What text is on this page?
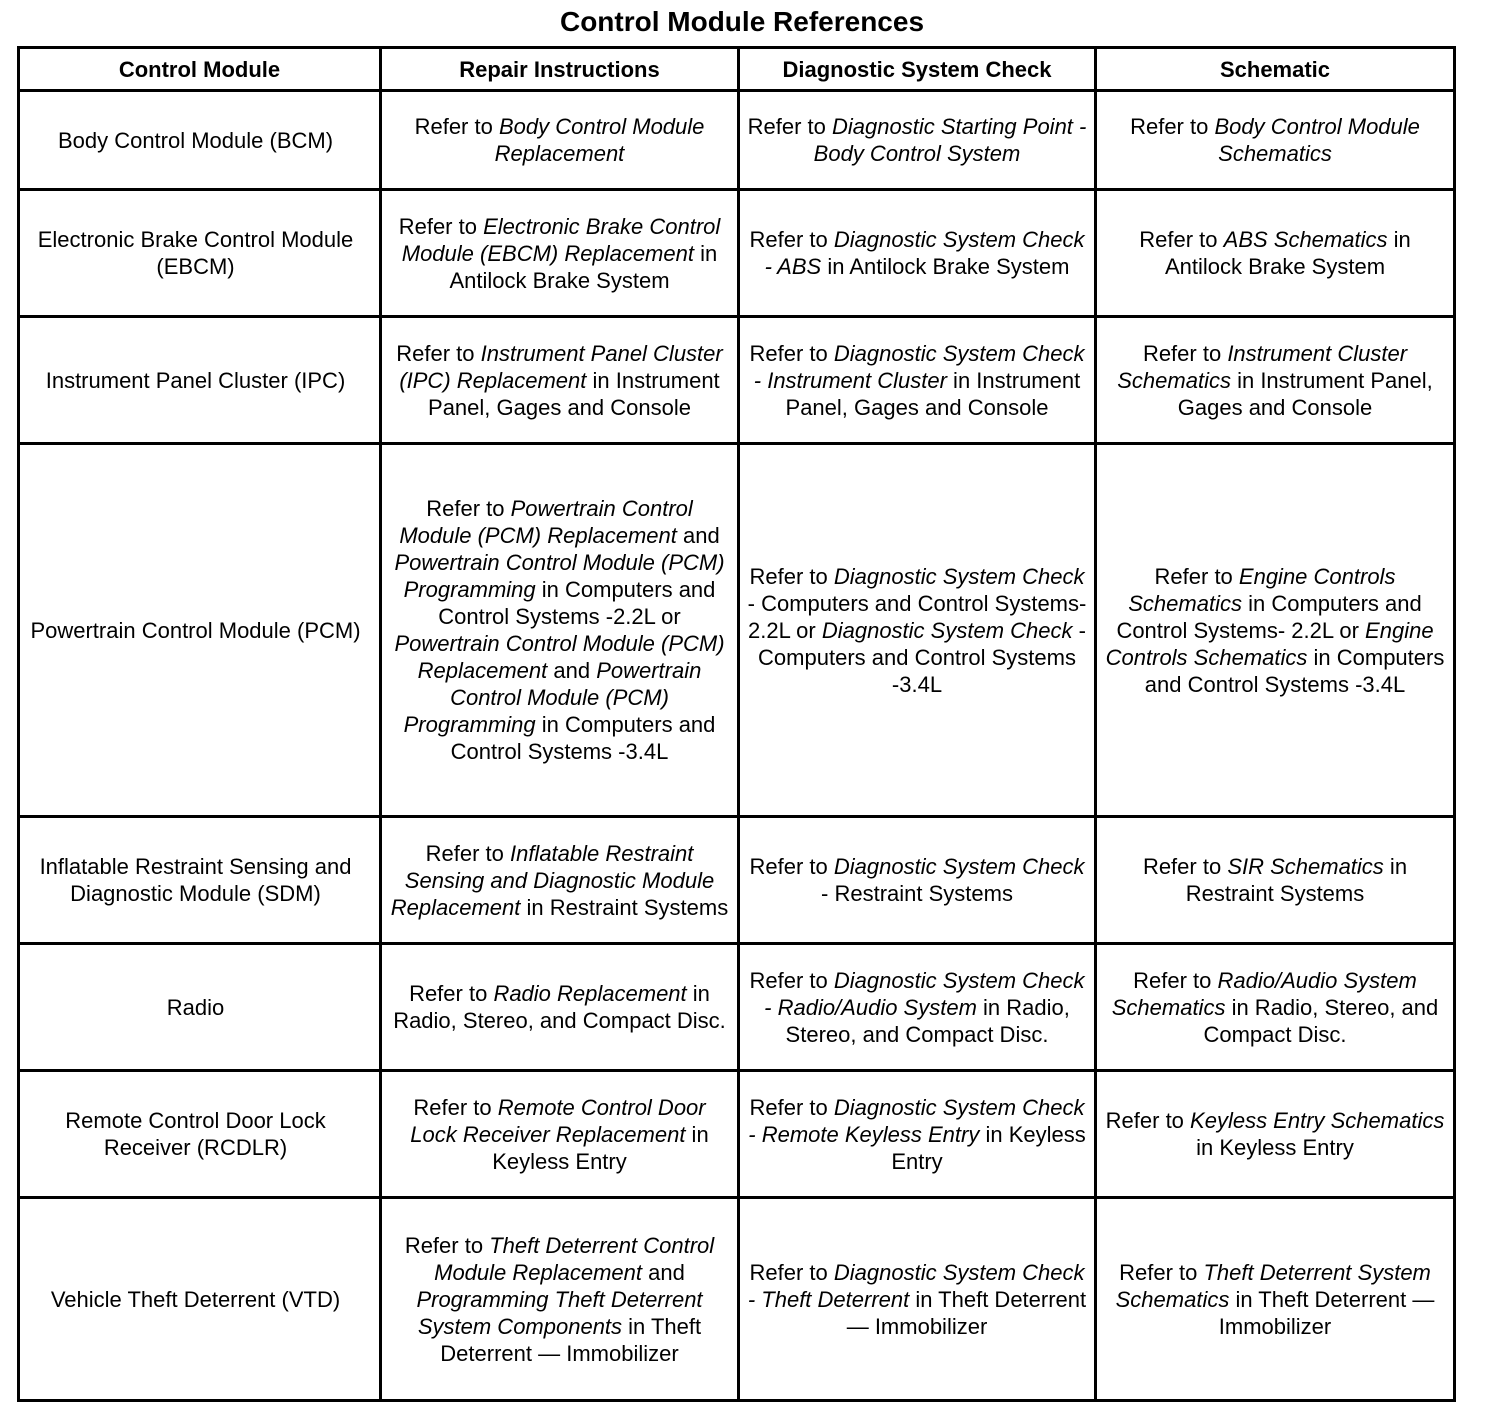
Control Module References
Control Module	Repair Instructions	Diagnostic System Check	Schematic
Body Control Module (BCM)	Refer to Body Control Module Replacement	Refer to Diagnostic Starting Point - Body Control System	Refer to Body Control Module Schematics
Electronic Brake Control Module (EBCM)	Refer to Electronic Brake Control Module (EBCM) Replacement in Antilock Brake System	Refer to Diagnostic System Check - ABS in Antilock Brake System	Refer to ABS Schematics in Antilock Brake System
Instrument Panel Cluster (IPC)	Refer to Instrument Panel Cluster (IPC) Replacement in Instrument Panel, Gages and Console	Refer to Diagnostic System Check - Instrument Cluster in Instrument Panel, Gages and Console	Refer to Instrument Cluster Schematics in Instrument Panel, Gages and Console
Powertrain Control Module (PCM)	Refer to Powertrain Control Module (PCM) Replacement and Powertrain Control Module (PCM) Programming in Computers and Control Systems -2.2L or Powertrain Control Module (PCM) Replacement and Powertrain Control Module (PCM) Programming in Computers and Control Systems -3.4L	Refer to Diagnostic System Check - Computers and Control Systems-2.2L or Diagnostic System Check - Computers and Control Systems -3.4L	Refer to Engine Controls Schematics in Computers and Control Systems- 2.2L or Engine Controls Schematics in Computers and Control Systems -3.4L
Inflatable Restraint Sensing and Diagnostic Module (SDM)	Refer to Inflatable Restraint Sensing and Diagnostic Module Replacement in Restraint Systems	Refer to Diagnostic System Check - Restraint Systems	Refer to SIR Schematics in Restraint Systems
Radio	Refer to Radio Replacement in Radio, Stereo, and Compact Disc.	Refer to Diagnostic System Check - Radio/Audio System in Radio, Stereo, and Compact Disc.	Refer to Radio/Audio System Schematics in Radio, Stereo, and Compact Disc.
Remote Control Door Lock Receiver (RCDLR)	Refer to Remote Control Door Lock Receiver Replacement in Keyless Entry	Refer to Diagnostic System Check - Remote Keyless Entry in Keyless Entry	Refer to Keyless Entry Schematics in Keyless Entry
Vehicle Theft Deterrent (VTD)	Refer to Theft Deterrent Control Module Replacement and Programming Theft Deterrent System Components in Theft Deterrent — Immobilizer	Refer to Diagnostic System Check - Theft Deterrent in Theft Deterrent — Immobilizer	Refer to Theft Deterrent System Schematics in Theft Deterrent — Immobilizer
